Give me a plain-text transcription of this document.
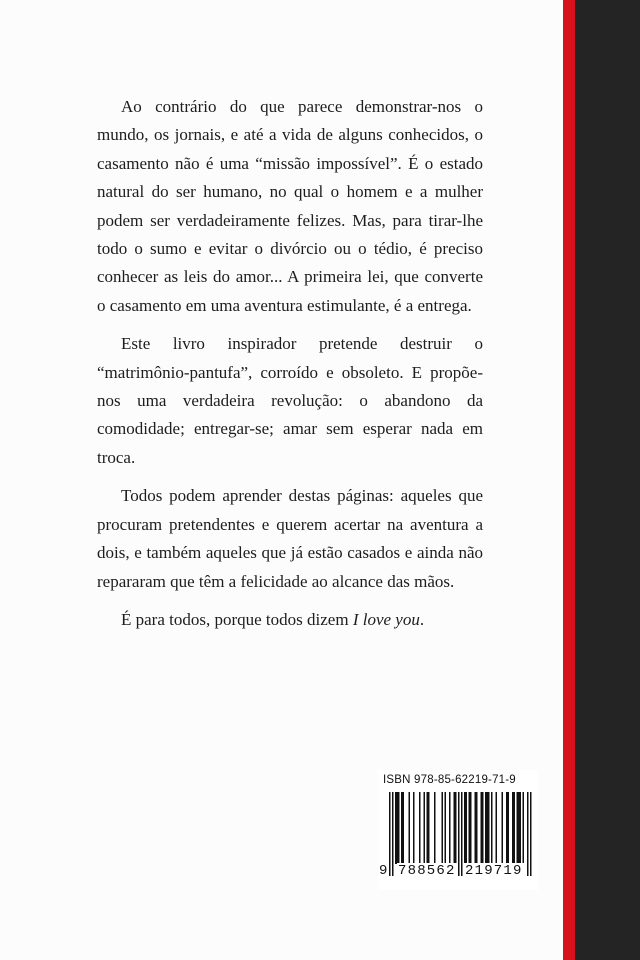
Ao contrário do que parece demonstrar-nos o mundo, os jornais, e até a vida de alguns conhecidos, o casamento não é uma “missão impossível”. É o estado natural do ser humano, no qual o homem e a mulher podem ser verdadeiramente felizes. Mas, para tirar-lhe todo o sumo e evitar o divórcio ou o tédio, é preciso conhecer as leis do amor... A primeira lei, que converte o casamento em uma aventura estimulante, é a entrega.

Este livro inspirador pretende destruir o “matrimônio-pantufa”, corroído e obsoleto. E propõe-nos uma verdadeira revolução: o abandono da comodidade; entregar-se; amar sem esperar nada em troca.

Todos podem aprender destas páginas: aqueles que procuram pretendentes e querem acertar na aventura a dois, e também aqueles que já estão casados e ainda não repararam que têm a felicidade ao alcance das mãos.

É para todos, porque todos dizem I love you.

ISBN 978-85-62219-71-9
9 788562 219719
